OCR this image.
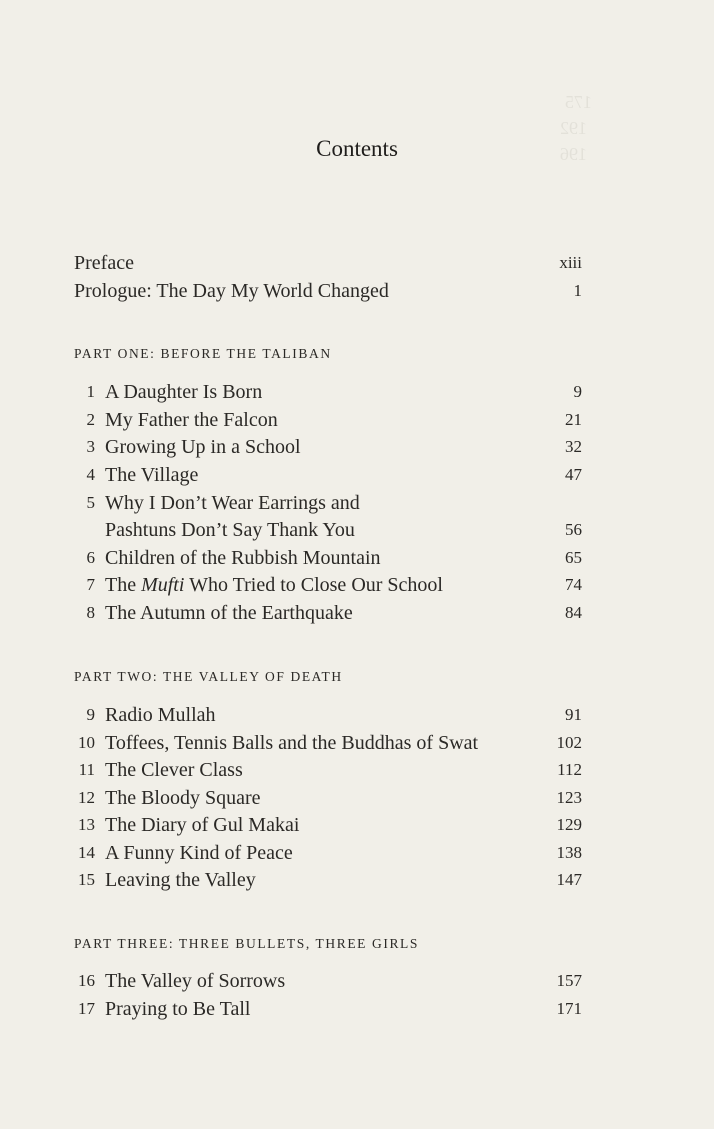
175
192
196
Contents
Preface	xiii
Prologue: The Day My World Changed	1
PART ONE: BEFORE THE TALIBAN
1 A Daughter Is Born	9
2 My Father the Falcon	21
3 Growing Up in a School	32
4 The Village	47
5 Why I Don’t Wear Earrings and
Pashtuns Don’t Say Thank You	56
6 Children of the Rubbish Mountain	65
7 The Mufti Who Tried to Close Our School	74
8 The Autumn of the Earthquake	84
PART TWO: THE VALLEY OF DEATH
9 Radio Mullah	91
10 Toffees, Tennis Balls and the Buddhas of Swat	102
11 The Clever Class	112
12 The Bloody Square	123
13 The Diary of Gul Makai	129
14 A Funny Kind of Peace	138
15 Leaving the Valley	147
PART THREE: THREE BULLETS, THREE GIRLS
16 The Valley of Sorrows	157
17 Praying to Be Tall	171
